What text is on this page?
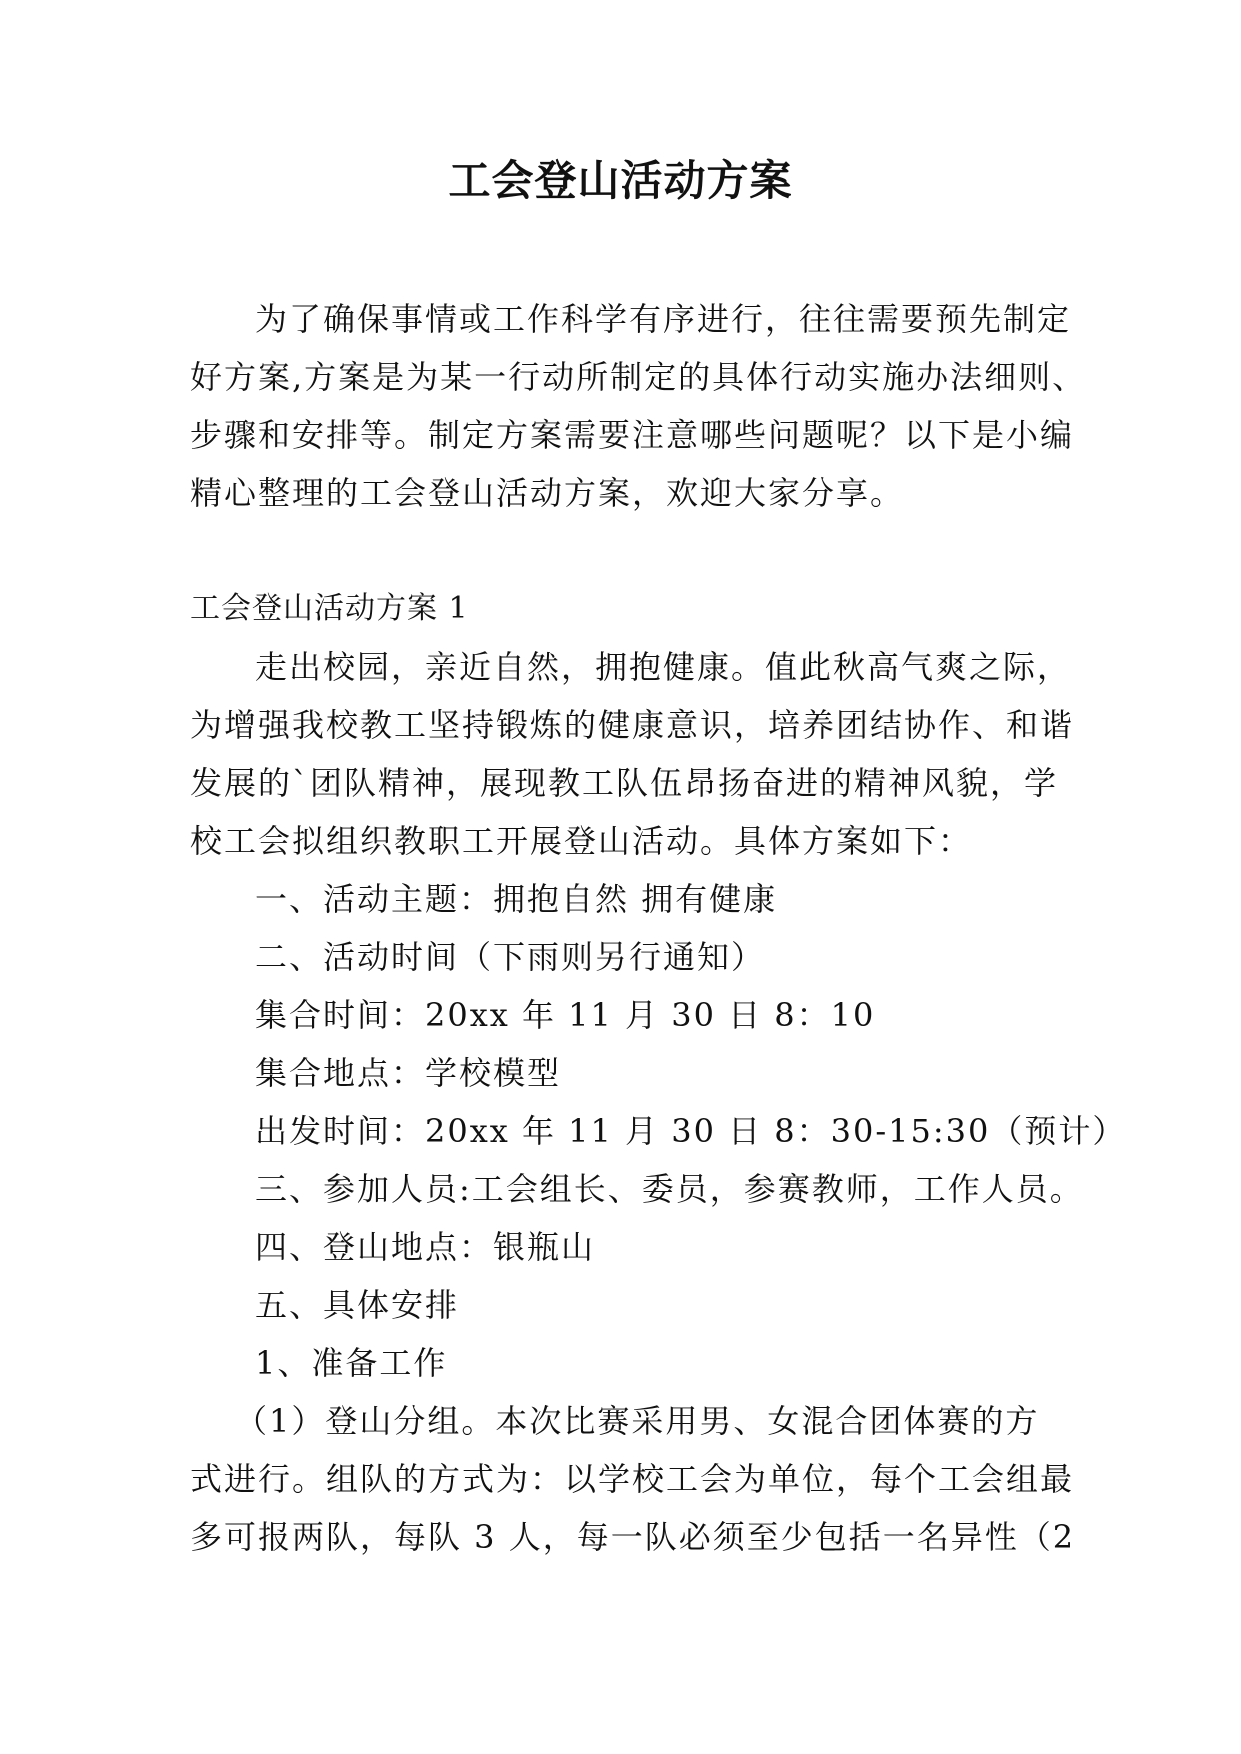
工会登山活动方案
为了确保事情或工作科学有序进行，往往需要预先制定
好方案,方案是为某一行动所制定的具体行动实施办法细则、
步骤和安排等。制定方案需要注意哪些问题呢？以下是小编
精心整理的工会登山活动方案，欢迎大家分享。
工会登山活动方案 1
走出校园，亲近自然，拥抱健康。值此秋高气爽之际，
为增强我校教工坚持锻炼的健康意识，培养团结协作、和谐
发展的`团队精神，展现教工队伍昂扬奋进的精神风貌，学
校工会拟组织教职工开展登山活动。具体方案如下：
一、活动主题：拥抱自然 拥有健康
二、活动时间（下雨则另行通知）
集合时间：20xx 年 11 月 30 日 8：10
集合地点：学校模型
出发时间：20xx 年 11 月 30 日 8：30-15:30（预计）
三、参加人员:工会组长、委员，参赛教师，工作人员。
四、登山地点：银瓶山
五、具体安排
1、准备工作
（1）登山分组。本次比赛采用男、女混合团体赛的方
式进行。组队的方式为：以学校工会为单位，每个工会组最
多可报两队，每队 3 人，每一队必须至少包括一名异性（2
